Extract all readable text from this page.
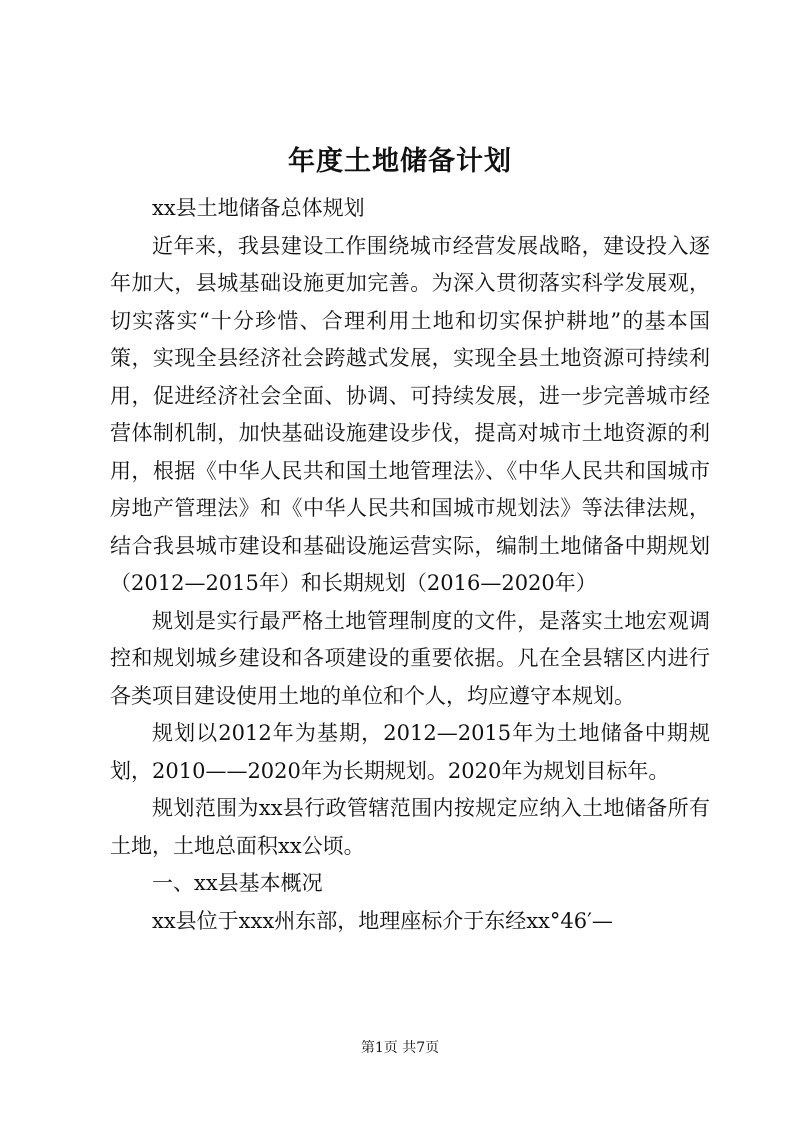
年度土地储备计划

xx县土地储备总体规划

近年来，我县建设工作围绕城市经营发展战略，建设投入逐年加大，县城基础设施更加完善。为深入贯彻落实科学发展观，切实落实“十分珍惜、合理利用土地和切实保护耕地”的基本国策，实现全县经济社会跨越式发展，实现全县土地资源可持续利用，促进经济社会全面、协调、可持续发展，进一步完善城市经营体制机制，加快基础设施建设步伐，提高对城市土地资源的利用，根据《中华人民共和国土地管理法》、《中华人民共和国城市房地产管理法》和《中华人民共和国城市规划法》等法律法规，结合我县城市建设和基础设施运营实际，编制土地储备中期规划（2012—2015年）和长期规划（2016—2020年）

规划是实行最严格土地管理制度的文件，是落实土地宏观调控和规划城乡建设和各项建设的重要依据。凡在全县辖区内进行各类项目建设使用土地的单位和个人，均应遵守本规划。

规划以2012年为基期，2012—2015年为土地储备中期规划，2010——2020年为长期规划。2020年为规划目标年。

规划范围为xx县行政管辖范围内按规定应纳入土地储备所有土地，土地总面积xx公顷。

一、xx县基本概况

xx县位于xxx州东部，地理座标介于东经xx°46′—

第1页 共7页
